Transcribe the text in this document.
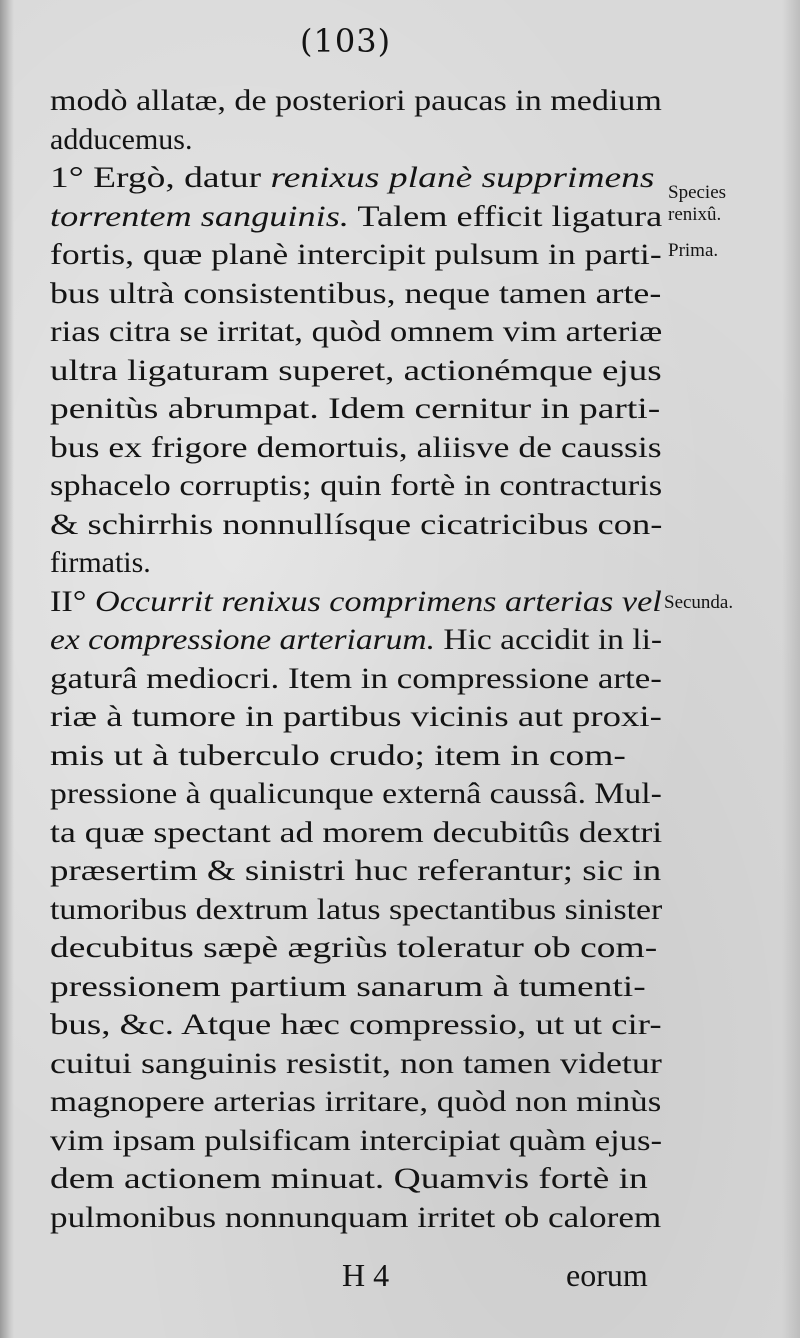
(103)
modò allatæ, de posteriori paucas in medium
adducemus.
1° Ergò, datur renixus planè supprimens
torrentem sanguinis. Talem efficit ligatura
fortis, quæ planè intercipit pulsum in parti-
bus ultrà consistentibus, neque tamen arte-
rias citra se irritat, quòd omnem vim arteriæ
ultra ligaturam superet, actionémque ejus
penitùs abrumpat. Idem cernitur in parti-
bus ex frigore demortuis, aliisve de caussis
sphacelo corruptis; quin fortè in contracturis
& schirrhis nonnullísque cicatricibus con-
firmatis.
II° Occurrit renixus comprimens arterias vel
ex compressione arteriarum. Hic accidit in li-
gaturâ mediocri. Item in compressione arte-
riæ à tumore in partibus vicinis aut proxi-
mis ut à tuberculo crudo; item in com-
pressione à qualicunque externâ caussâ. Mul-
ta quæ spectant ad morem decubitûs dextri
præsertim & sinistri huc referantur; sic in
tumoribus dextrum latus spectantibus sinister
decubitus sæpè ægriùs toleratur ob com-
pressionem partium sanarum à tumenti-
bus, &c. Atque hæc compressio, ut ut cir-
cuitui sanguinis resistit, non tamen videtur
magnopere arterias irritare, quòd non minùs
vim ipsam pulsificam intercipiat quàm ejus-
dem actionem minuat. Quamvis fortè in
pulmonibus nonnunquam irritet ob calorem
Species
renixû.
Prima.
Secunda.
H 4	eorum
